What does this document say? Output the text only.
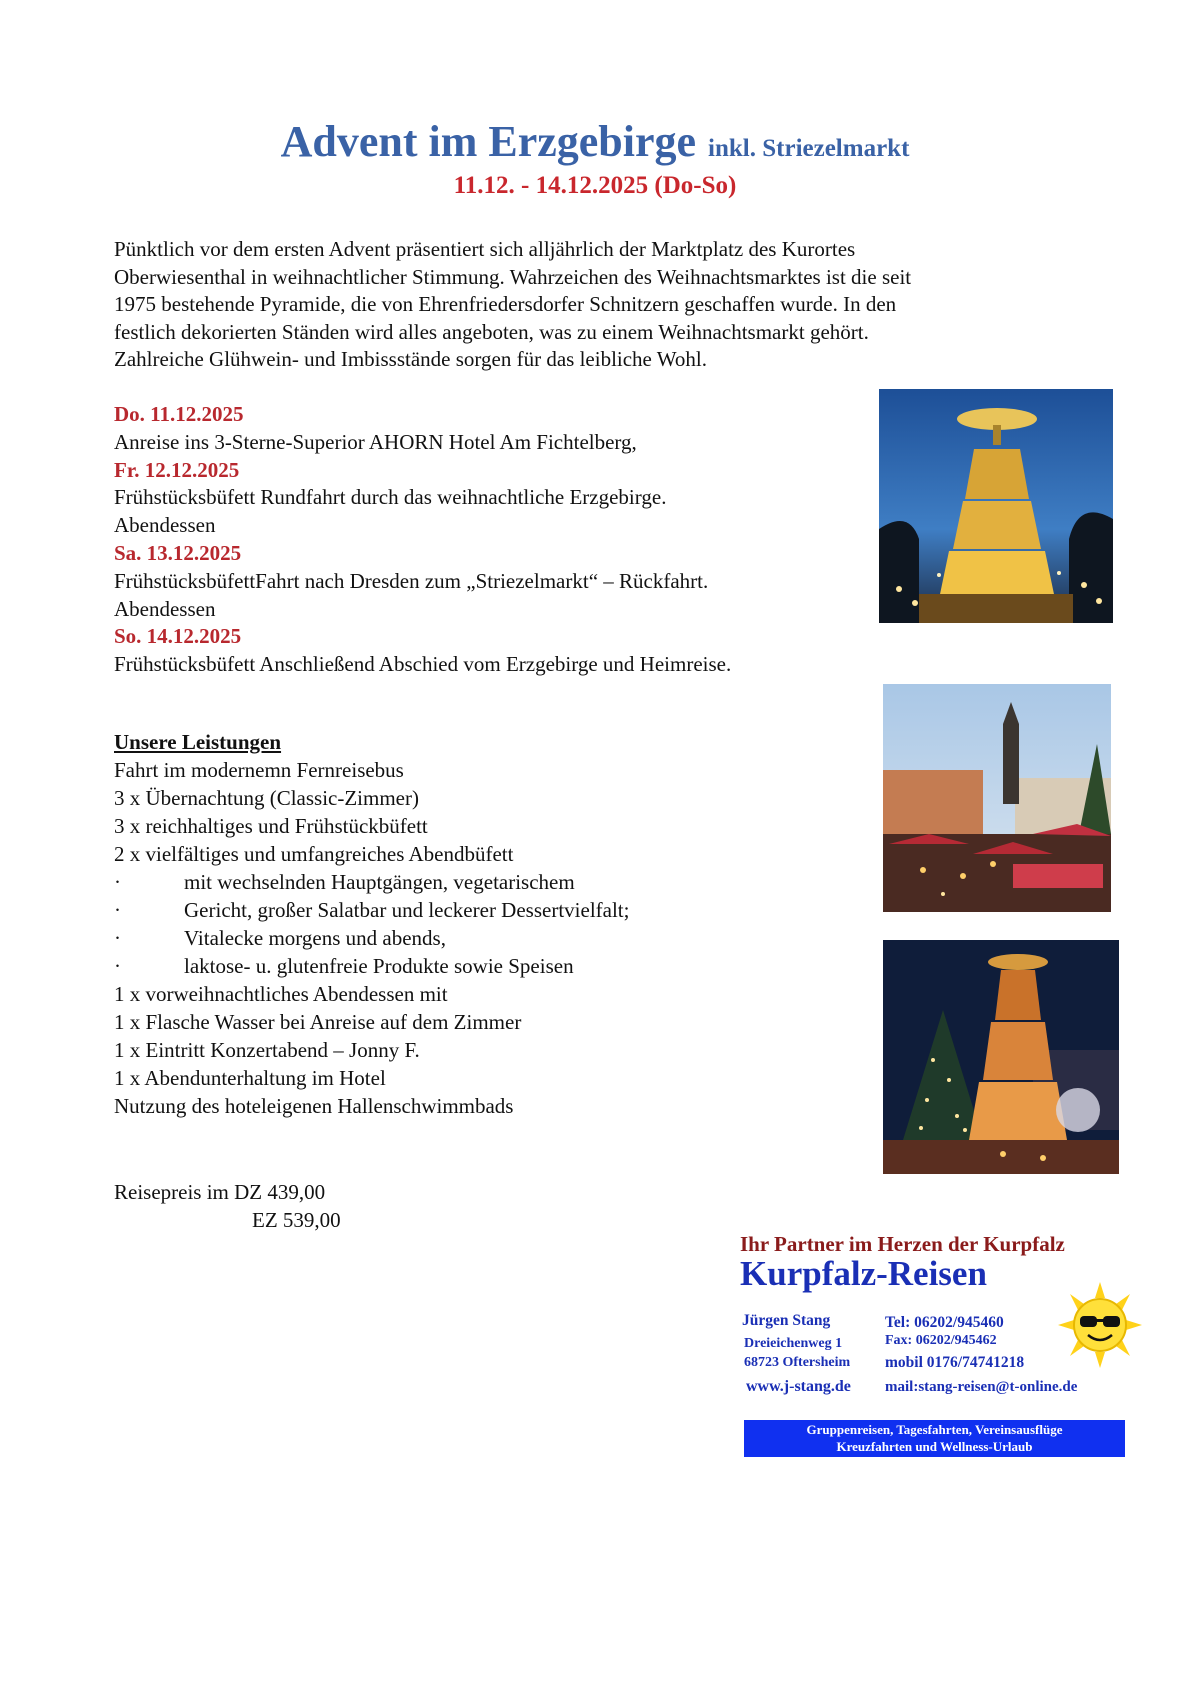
Advent im Erzgebirge inkl. Striezelmarkt
11.12. - 14.12.2025 (Do-So)

Pünktlich vor dem ersten Advent präsentiert sich alljährlich der Marktplatz des Kurortes

Oberwiesenthal in weihnachtlicher Stimmung. Wahrzeichen des Weihnachtsmarktes ist die seit

1975 bestehende Pyramide, die von Ehrenfriedersdorfer Schnitzern geschaffen wurde. In den

festlich dekorierten Ständen wird alles angeboten, was zu einem Weihnachtsmarkt gehört.

Zahlreiche Glühwein- und Imbissstände sorgen für das leibliche Wohl.

Do. 11.12.2025
Anreise ins 3-Sterne-Superior AHORN Hotel Am Fichtelberg,
Fr. 12.12.2025
Frühstücksbüfett Rundfahrt durch das weihnachtliche Erzgebirge.
Abendessen
Sa. 13.12.2025
FrühstücksbüfettFahrt nach Dresden zum „Striezelmarkt“ – Rückfahrt.
Abendessen
So. 14.12.2025
Frühstücksbüfett Anschließend Abschied vom Erzgebirge und Heimreise.
Unsere Leistungen
Fahrt im modernemn Fernreisebus
3 x Übernachtung (Classic-Zimmer)
3 x reichhaltiges und Frühstückbüfett
2 x vielfältiges und umfangreiches Abendbüfett
·	mit wechselnden Hauptgängen, vegetarischem
·	Gericht, großer Salatbar und leckerer Dessertvielfalt;
·	Vitalecke morgens und abends,
·	laktose- u. glutenfreie Produkte sowie Speisen
1 x vorweihnachtliches Abendessen mit
1 x Flasche Wasser bei Anreise auf dem Zimmer
1 x Eintritt Konzertabend – Jonny F.
1 x Abendunterhaltung im Hotel
Nutzung des hoteleigenen Hallenschwimmbads
Reisepreis im DZ 439,00
EZ 539,00
Ihr Partner im Herzen der Kurpfalz
Kurpfalz-Reisen
Jürgen Stang
Dreieichenweg 1
68723 Oftersheim
www.j-stang.de
Tel: 06202/945460
Fax: 06202/945462
mobil 0176/74741218
mail:stang-reisen@t-online.de
Gruppenreisen, Tagesfahrten, Vereinsausflüge
Kreuzfahrten und Wellness-Urlaub
